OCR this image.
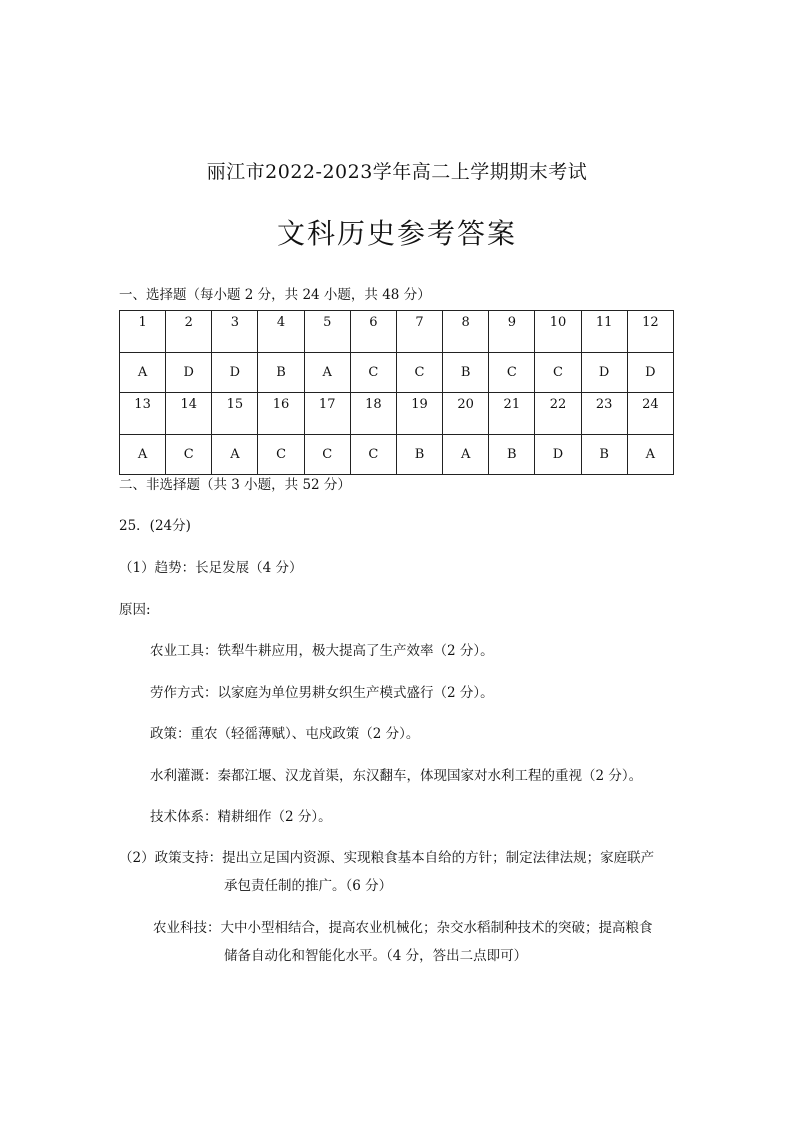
丽江市2022-2023学年高二上学期期末考试
文科历史参考答案
一、选择题（每小题 2 分，共 24 小题，共 48 分）
1	2	3	4	5	6	7	8	9	10	11	12
A	D	D	B	A	C	C	B	C	C	D	D
13	14	15	16	17	18	19	20	21	22	23	24
A	C	A	C	C	C	B	A	B	D	B	A
二、非选择题（共 3 小题，共 52 分）
25．(24分)
（1）趋势：长足发展（4 分）
原因:
农业工具：铁犁牛耕应用，极大提高了生产效率（2 分）。
劳作方式：以家庭为单位男耕女织生产模式盛行（2 分）。
政策：重农（轻徭薄赋）、屯戍政策（2 分）。
水利灌溉：秦都江堰、汉龙首渠，东汉翻车，体现国家对水利工程的重视（2 分）。
技术体系：精耕细作（2 分）。
（2）政策支持：提出立足国内资源、实现粮食基本自给的方针；制定法律法规；家庭联产
承包责任制的推广。（6 分）
农业科技：大中小型相结合，提高农业机械化；杂交水稻制种技术的突破；提高粮食
储备自动化和智能化水平。（4 分，答出二点即可）
